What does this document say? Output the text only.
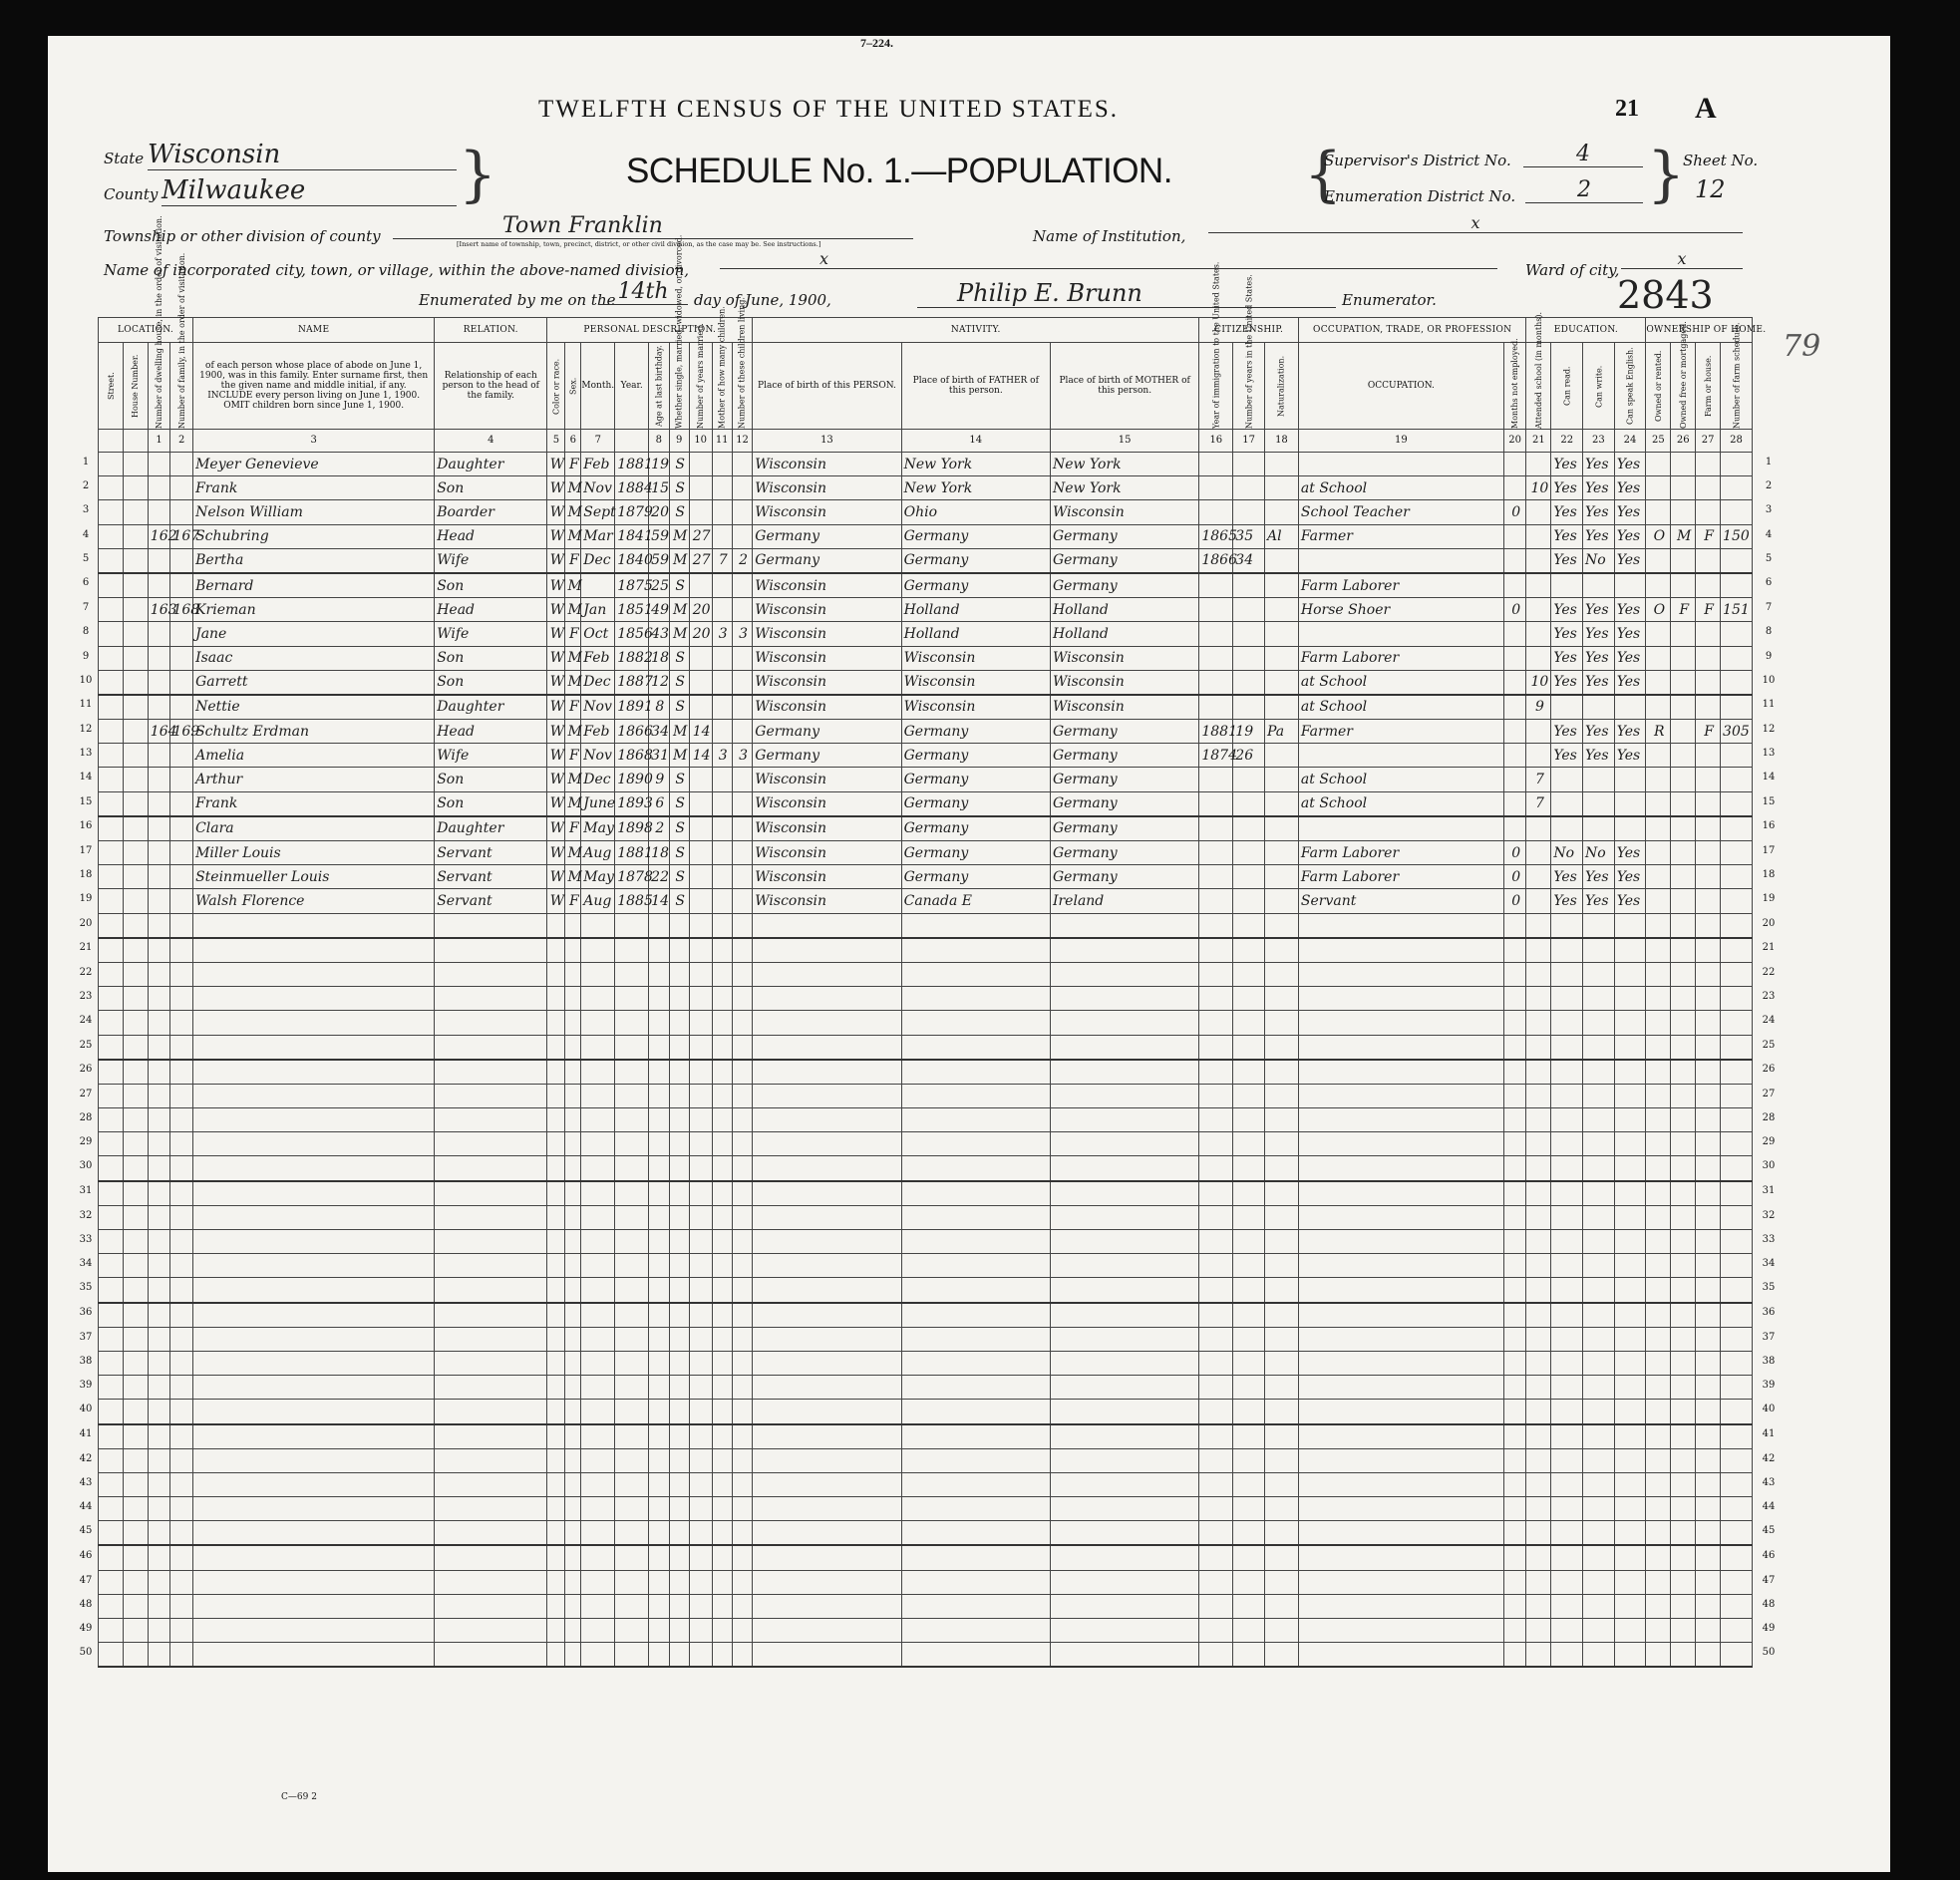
7–224.
TWELFTH CENSUS OF THE UNITED STATES.	21 A
SCHEDULE No. 1.—POPULATION.
State Wisconsin
County Milwaukee	}	{
Supervisor's District No.	4
Enumeration District No.	2 }
Sheet No.
12
Township or other division of county	Town Franklin
[Insert name of township, town, precinct, district, or other civil division, as the case may be. See instructions.]	Name of Institution,
x
Name of incorporated city, town, or village, within the above-named division,
x
Ward of city,
x
Enumerated by me on the 14th	day of June, 1900,	Philip E. Brunn	Enumerator.	2843
79
LOCATION.				NAME	RELATION.	PERSONAL DESCRIPTION.									NATIVITY.			CITIZENSHIP.			OCCUPATION, TRADE, OR PROFESSION		EDUCATION.				OWNERSHIP OF HOME.			
Street.	House Number.	Number of dwelling house, in the order of visitation.	Number of family, in the order of visitation.	of each person whose place of abode on June 1, 1900, was in this family. Enter surname first, then the given name and middle initial, if any. INCLUDE every person living on June 1, 1900. OMIT children born since June 1, 1900.	Relationship of each person to the head of the family.	Color or race.	Sex.	Month.	Year.	Age at last birthday.	Whether single, married, widowed, or divorced.	Number of years married.	Mother of how many children.	Number of these children living.	Place of birth of this PERSON.	Place of birth of FATHER of this person.	Place of birth of MOTHER of this person.	Year of immigration to the United States.	Number of years in the United States.	Naturalization.	OCCUPATION.	Months not employed.	Attended school (in months).	Can read.	Can write.	Can speak English.	Owned or rented.	Owned free or mortgaged.	Farm or house.	Number of farm schedule.
		1	2	3	4	5	6	7		8	9	10	11	12	13	14	15	16	17	18	19	20	21	22	23	24	25	26	27	28
				Meyer Genevieve	Daughter	W	F	Feb	1881	19	S				Wisconsin	New York	New York							Yes	Yes	Yes				
				Frank	Son	W	M	Nov	1884	15	S				Wisconsin	New York	New York				at School		10	Yes	Yes	Yes				
				Nelson William	Boarder	W	M	Sept	1879	20	S				Wisconsin	Ohio	Wisconsin				School Teacher	0		Yes	Yes	Yes				
		162	167	Schubring	Head	W	M	Mar	1841	59	M	27			Germany	Germany	Germany	1865	35	Al	Farmer			Yes	Yes	Yes	O	M	F	150
				Bertha	Wife	W	F	Dec	1840	59	M	27	7	2	Germany	Germany	Germany	1866	34					Yes	No	Yes				
				Bernard	Son	W	M		1875	25	S				Wisconsin	Germany	Germany				Farm Laborer									
		163	168	Krieman	Head	W	M	Jan	1851	49	M	20			Wisconsin	Holland	Holland				Horse Shoer	0		Yes	Yes	Yes	O	F	F	151
				Jane	Wife	W	F	Oct	1856	43	M	20	3	3	Wisconsin	Holland	Holland							Yes	Yes	Yes				
				Isaac	Son	W	M	Feb	1882	18	S				Wisconsin	Wisconsin	Wisconsin				Farm Laborer			Yes	Yes	Yes				
				Garrett	Son	W	M	Dec	1887	12	S				Wisconsin	Wisconsin	Wisconsin				at School		10	Yes	Yes	Yes				
				Nettie	Daughter	W	F	Nov	1891	8	S				Wisconsin	Wisconsin	Wisconsin				at School		9							
		164	169	Schultz Erdman	Head	W	M	Feb	1866	34	M	14			Germany	Germany	Germany	1881	19	Pa	Farmer			Yes	Yes	Yes	R		F	305
				Amelia	Wife	W	F	Nov	1868	31	M	14	3	3	Germany	Germany	Germany	1874	26					Yes	Yes	Yes				
				Arthur	Son	W	M	Dec	1890	9	S				Wisconsin	Germany	Germany				at School		7							
				Frank	Son	W	M	June	1893	6	S				Wisconsin	Germany	Germany				at School		7							
				Clara	Daughter	W	F	May	1898	2	S				Wisconsin	Germany	Germany													
				Miller Louis	Servant	W	M	Aug	1881	18	S				Wisconsin	Germany	Germany				Farm Laborer	0		No	No	Yes				
				Steinmueller Louis	Servant	W	M	May	1878	22	S				Wisconsin	Germany	Germany				Farm Laborer	0		Yes	Yes	Yes				
				Walsh Florence	Servant	W	F	Aug	1885	14	S				Wisconsin	Canada E	Ireland				Servant	0		Yes	Yes	Yes				

1
2
3
4
5
6
7
8
9
10
11
12
13
14
15
16
17
18
19
20
21
22
23
24
25
26
27
28
29
30
31
32
33
34
35
36
37
38
39
40
41
42
43
44
45
46
47
48
49
50
1
2
3
4
5
6
7
8
9
10
11
12
13
14
15
16
17
18
19
20
21
22
23
24
25
26
27
28
29
30
31
32
33
34
35
36
37
38
39
40
41
42
43
44
45
46
47
48
49
50
C—69 2
